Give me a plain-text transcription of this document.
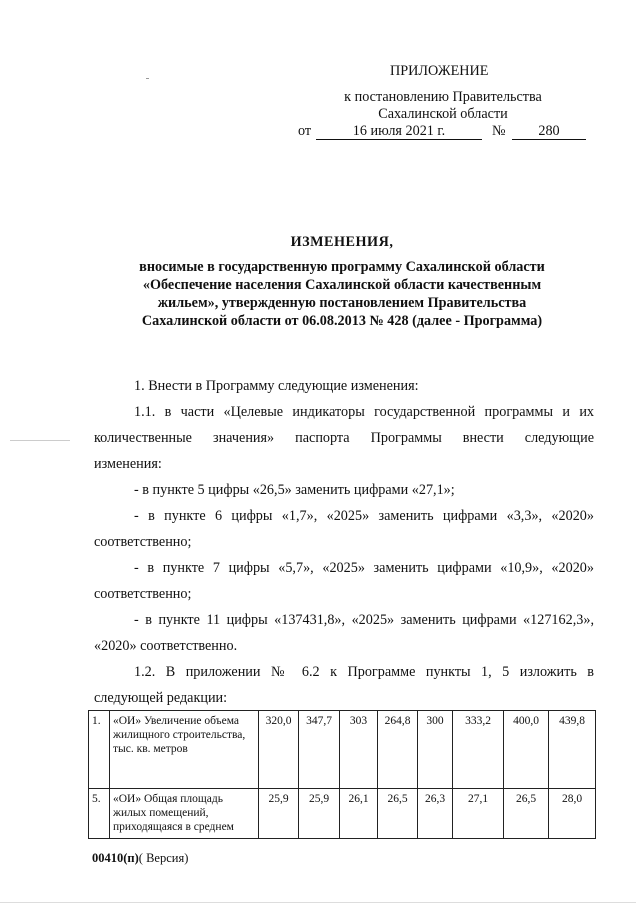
ПРИЛОЖЕНИЕ
к постановлению Правительства
Сахалинской области
от	16 июля 2021 г.	№	280
ИЗМЕНЕНИЯ,
вносимые в государственную программу Сахалинской области
«Обеспечение населения Сахалинской области качественным
жильем», утвержденную постановлением Правительства
Сахалинской области от 06.08.2013 № 428 (далее - Программа)
1. Внести в Программу следующие изменения:
1.1. в части «Целевые индикаторы государственной программы и их
количественные значения» паспорта Программы внести следующие
изменения:
- в пункте 5 цифры «26,5» заменить цифрами «27,1»;
- в пункте 6 цифры «1,7», «2025» заменить цифрами «3,3», «2020»
соответственно;
- в пункте 7 цифры «5,7», «2025» заменить цифрами «10,9», «2020»
соответственно;
- в пункте 11 цифры «137431,8», «2025» заменить цифрами «127162,3»,
«2020» соответственно.
1.2. В приложении № 6.2 к Программе пункты 1, 5 изложить в
следующей редакции:
1.	«ОИ» Увеличение объема жилищного строительства, тыс. кв. метров	320,0	347,7	303	264,8	300	333,2	400,0	439,8
5.	«ОИ» Общая площадь жилых помещений, приходящаяся в среднем	25,9	25,9	26,1	26,5	26,3	27,1	26,5	28,0
00410(п)( Версия)
